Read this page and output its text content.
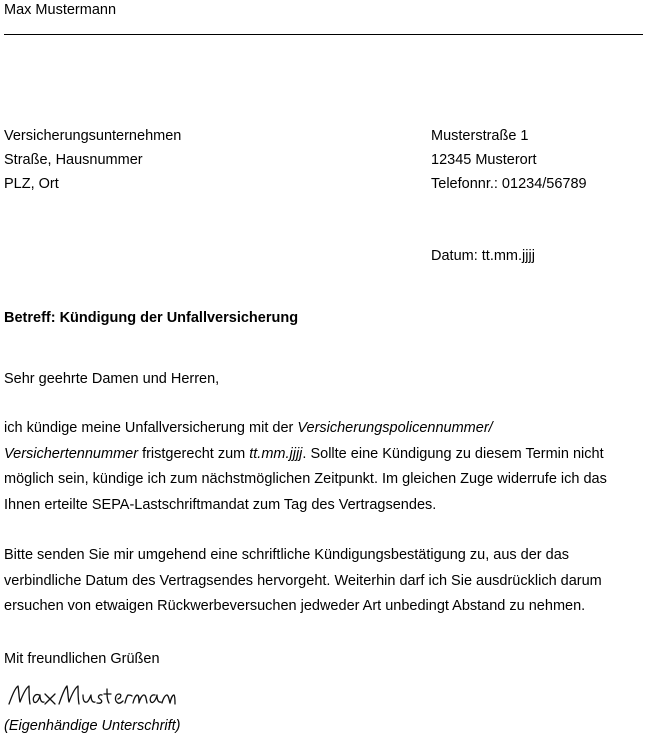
Max Mustermann
Versicherungsunternehmen
Straße, Hausnummer
PLZ, Ort
Musterstraße 1
12345 Musterort
Telefonnr.: 01234/56789
Datum: tt.mm.jjjj
Betreff: Kündigung der Unfallversicherung
Sehr geehrte Damen und Herren,
ich kündige meine Unfallversicherung mit der Versicherungspolicennummer/
Versichertennummer fristgerecht zum tt.mm.jjjj. Sollte eine Kündigung zu diesem Termin nicht
möglich sein, kündige ich zum nächstmöglichen Zeitpunkt. Im gleichen Zuge widerrufe ich das
Ihnen erteilte SEPA-Lastschriftmandat zum Tag des Vertragsendes.
Bitte senden Sie mir umgehend eine schriftliche Kündigungsbestätigung zu, aus der das
verbindliche Datum des Vertragsendes hervorgeht. Weiterhin darf ich Sie ausdrücklich darum
ersuchen von etwaigen Rückwerbeversuchen jedweder Art unbedingt Abstand zu nehmen.
Mit freundlichen Grüßen
(Eigenhändige Unterschrift)
